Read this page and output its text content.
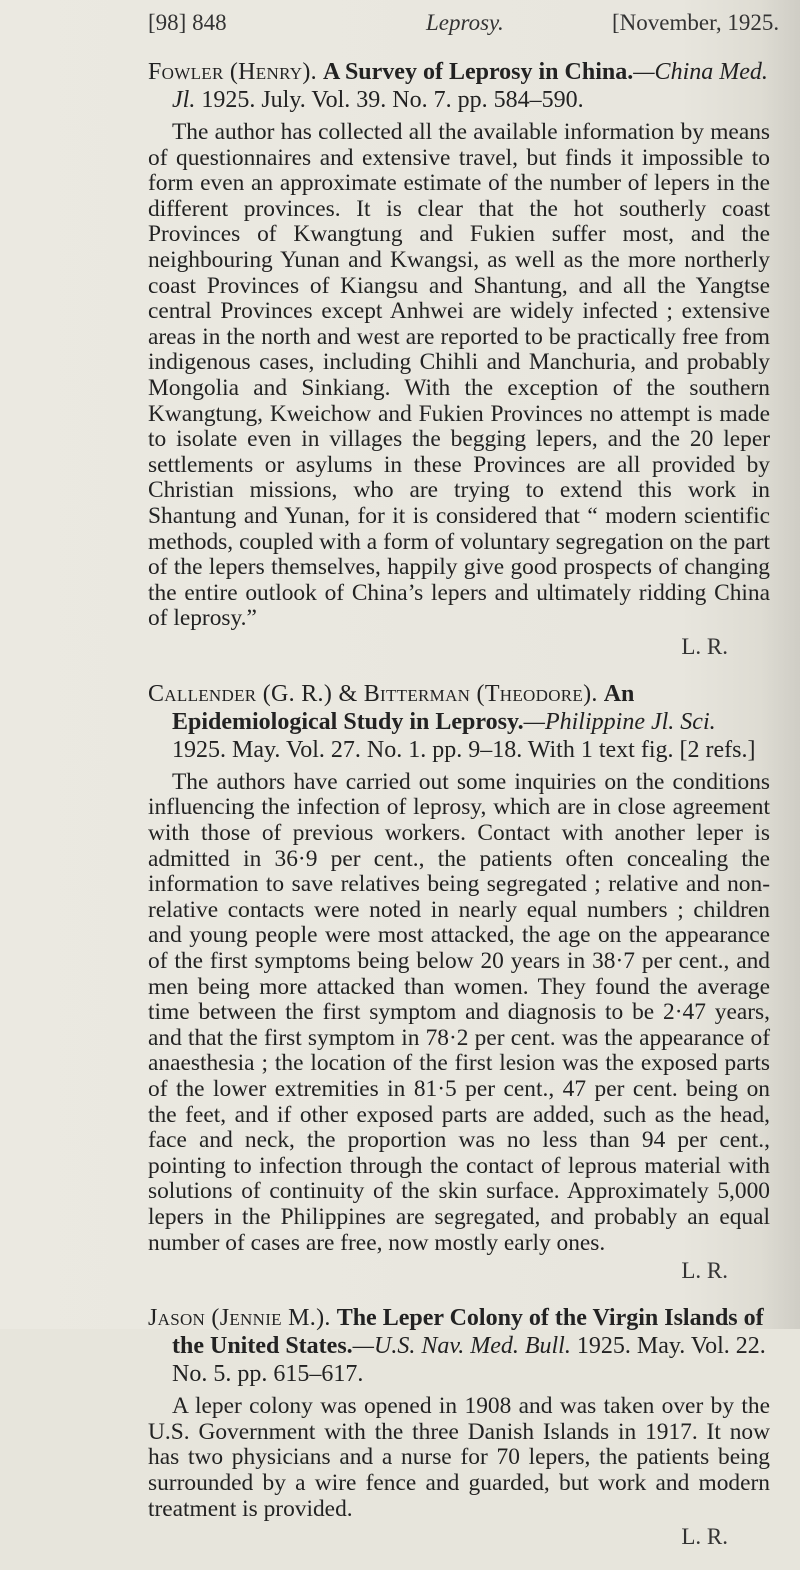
[98] 848	Leprosy.	[November, 1925.

Fowler (Henry). A Survey of Leprosy in China.—China Med. Jl. 1925. July. Vol. 39. No. 7. pp. 584–590.

The author has collected all the available information by means of questionnaires and extensive travel, but finds it impossible to form even an approximate estimate of the number of lepers in the different provinces. It is clear that the hot southerly coast Provinces of Kwangtung and Fukien suffer most, and the neighbouring Yunan and Kwangsi, as well as the more northerly coast Provinces of Kiangsu and Shantung, and all the Yangtse central Provinces except Anhwei are widely infected ; extensive areas in the north and west are reported to be practically free from indigenous cases, including Chihli and Manchuria, and probably Mongolia and Sinkiang. With the exception of the southern Kwangtung, Kweichow and Fukien Provinces no attempt is made to isolate even in villages the begging lepers, and the 20 leper settlements or asylums in these Provinces are all provided by Christian missions, who are trying to extend this work in Shantung and Yunan, for it is considered that “ modern scientific methods, coupled with a form of voluntary segregation on the part of the lepers themselves, happily give good prospects of changing the entire outlook of China’s lepers and ultimately ridding China of leprosy.”

L. R.

Callender (G. R.) & Bitterman (Theodore). An Epidemiological Study in Leprosy.—Philippine Jl. Sci. 1925. May. Vol. 27. No. 1. pp. 9–18. With 1 text fig. [2 refs.]

The authors have carried out some inquiries on the conditions influencing the infection of leprosy, which are in close agreement with those of previous workers. Contact with another leper is admitted in 36·9 per cent., the patients often concealing the information to save relatives being segregated ; relative and non-relative contacts were noted in nearly equal numbers ; children and young people were most attacked, the age on the appearance of the first symptoms being below 20 years in 38·7 per cent., and men being more attacked than women. They found the average time between the first symptom and diagnosis to be 2·47 years, and that the first symptom in 78·2 per cent. was the appearance of anaesthesia ; the location of the first lesion was the exposed parts of the lower extremities in 81·5 per cent., 47 per cent. being on the feet, and if other exposed parts are added, such as the head, face and neck, the proportion was no less than 94 per cent., pointing to infection through the contact of leprous material with solutions of continuity of the skin surface. Approximately 5,000 lepers in the Philippines are segregated, and probably an equal number of cases are free, now mostly early ones.

L. R.

Jason (Jennie M.). The Leper Colony of the Virgin Islands of the United States.—U.S. Nav. Med. Bull. 1925. May. Vol. 22. No. 5. pp. 615–617.

A leper colony was opened in 1908 and was taken over by the U.S. Government with the three Danish Islands in 1917. It now has two physicians and a nurse for 70 lepers, the patients being surrounded by a wire fence and guarded, but work and modern treatment is provided.

L. R.
